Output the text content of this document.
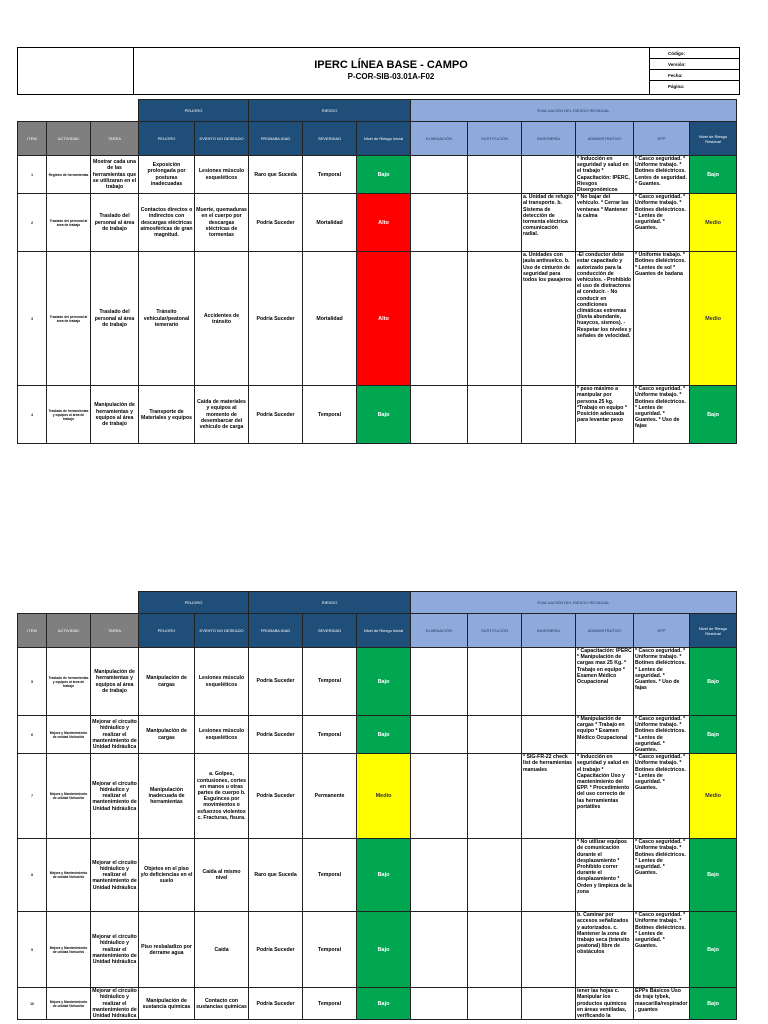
IPERC LÍNEA BASE - CAMPO
P-COR-SIB-03.01A-F02
Código:
Versión:
Fecha:
Página:
			PELIGRO		RIESGO			EVALUACIÓN DEL RIESGO RESIDUAL					
ITEM	ACTIVIDAD	TAREA	PELIGRO	EVENTO NO DESEADO	PROBABILIDAD	SEVERIDAD	Nivel de Riesgo Inicial	ELIMINACIÓN	SUSTITUCIÓN	INGENIERÍA	ADMINISTRATIVO	EPP	Nivel de Riesgo Residual
1	Registro de herramientas	Mostrar cada una de las herramientas que se utilizaran en el trabajo	Exposición prolongada por posturas inadecuadas	Lesiones músculo esqueléticos	Raro que Suceda	Temporal	Bajo				* Inducción en seguridad y salud en el trabajo * Capacitación: IPERC, Riesgos Disergonómicos	* Casco seguridad. * Uniforme trabajo. * Botines dieléctricos. Lentes de seguridad. * Guantes.	Bajo
2	Traslado del personal al área de trabajo	Traslado del personal al área de trabajo	Contactos directos o indirectos con descargas eléctricas atmosféricas de gran magnitud.	Muerte, quemaduras en el cuerpo por descargas eléctricas de tormentas	Podría Suceder	Mortalidad	Alto			a. Unidad de refugio al transporte. b. Sistema de detección de tormenta eléctrica comunicación radial.	* No bajar del vehículo. * Cerrar las ventanas * Mantener la calma	* Casco seguridad. * Uniforme trabajo. * Botines dieléctricos. * Lentes de seguridad. * Guantes.	Medio
3	Traslado del personal al área de trabajo	Traslado del personal al área de trabajo	Tránsito vehicular/peatonal temerario	Accidentes de tránsito	Podría Suceder	Mortalidad	Alto			a. Unidades con jaula antivuelco. b. Uso de cinturón de seguridad para todos los pasajeros	-El conductor debe estar capacitado y autorizado para la conducción de vehículos. - Prohibido el uso de distractores al conducir. - No conducir en condiciones climáticas extremas (lluvia abundante, huaycos, sismos). - Respetar los niveles y señales de velocidad.	* Uniforme trabajo. * Botines dieléctricos. * Lentes de sol * Guantes de badana	Medio
4	Traslado de herramientas y equipos al área de trabajo	Manipulación de herramientas y equipos al área de trabajo	Transporte de Materiales y equipos	Caída de materiales y equipos al momento de desembarcar del vehículo de carga	Podría Suceder	Temporal	Bajo				* peso máximo a manipular por persona 25 kg. *Trabajo en equipo * Posición adecuada para levantar peso	* Casco seguridad. * Uniforme trabajo. * Botines dieléctricos. * Lentes de seguridad. * Guantes. * Uso de fajas	Bajo
			PELIGRO		RIESGO			EVALUACIÓN DEL RIESGO RESIDUAL					
ITEM	ACTIVIDAD	TAREA	PELIGRO	EVENTO NO DESEADO	PROBABILIDAD	SEVERIDAD	Nivel de Riesgo Inicial	ELIMINACIÓN	SUSTITUCIÓN	INGENIERÍA	ADMINISTRATIVO	EPP	Nivel de Riesgo Residual
5	Traslado de herramientas y equipos al área de trabajo	Manipulación de herramientas y equipos al área de trabajo	Manipulación de cargas	Lesiones músculo esqueléticos	Podría Suceder	Temporal	Bajo				* Capacitación: IPERC * Manipulación de cargas max 25 Kg. * Trabajo en equipo * Examen Médico Ocupacional	* Casco seguridad. * Uniforme trabajo. * Botines dieléctricos. * Lentes de seguridad. * Guantes. * Uso de fajas	Bajo
6	Mejora y Mantenimiento de unidad Nohuchis	Mejorar el circuito hidráulico y realizar el mantenimiento de Unidad hidráulica	Manipulación de cargas	Lesiones músculo esqueléticos	Podría Suceder	Temporal	Bajo				* Manipulación de cargas * Trabajo en equipo * Examen Médico Ocupacional	* Casco seguridad. * Uniforme trabajo. * Botines dieléctricos. * Lentes de seguridad. * Guantes.	Bajo
7	Mejora y Mantenimiento de unidad Nohuchis	Mejorar el circuito hidráulico y realizar el mantenimiento de Unidad hidráulica	Manipulación inadecuada de herramientas	a. Golpes, contusiones, cortes en manos u otras partes de cuerpo b. Esguinces por movimientos o esfuerzos violentos c. Fracturas, fisura.	Podría Suceder	Permanente	Medio			* SIG-FR-22 check list de herramientas manuales	* Inducción en seguridad y salud en el trabajo * Capacitación Uso y mantenimiento del EPP. * Procedimiento del uso correcto de las herramientas portátiles	* Casco seguridad. * Uniforme trabajo. * Botines dieléctricos. * Lentes de seguridad. * Guantes.	Medio
8	Mejora y Mantenimiento de unidad Nohuchis	Mejorar el circuito hidráulico y realizar el mantenimiento de Unidad hidráulica	Objetos en el piso y/o deficiencias en el suelo	Caída al mismo nivel	Raro que Suceda	Temporal	Bajo				* No utilizar equipos de comunicación durante el desplazamiento * Prohibido correr durante el desplazamiento * Orden y limpieza de la zona	* Casco seguridad. * Uniforme trabajo. * Botines dieléctricos. * Lentes de seguridad. * Guantes.	Bajo
9	Mejora y Mantenimiento de unidad Nohuchis	Mejorar el circuito hidráulico y realizar el mantenimiento de Unidad hidráulica	Piso resbaladizo por derrame agua	Caída	Podría Suceder	Temporal	Bajo				b. Caminar por accesos señalizados y autorizados. c. Mantener la zona de trabajo seca (tránsito peatonal) libre de obstáculos	* Casco seguridad. * Uniforme trabajo. * Botines dieléctricos. * Lentes de seguridad. * Guantes.	Bajo
10	Mejora y Mantenimiento de unidad Nohuchis	Mejorar el circuito hidráulico y realizar el mantenimiento de Unidad hidráulica	Manipulación de sustancia químicas	Contacto con sustancias químicas	Podría Suceder	Temporal	Bajo				tener las hojas c. Manipular los productos químicos en áreas ventiladas, verificando la	EPPs Básicos Uso de traje tybek, mascarilla/respirador , guantes	Bajo
